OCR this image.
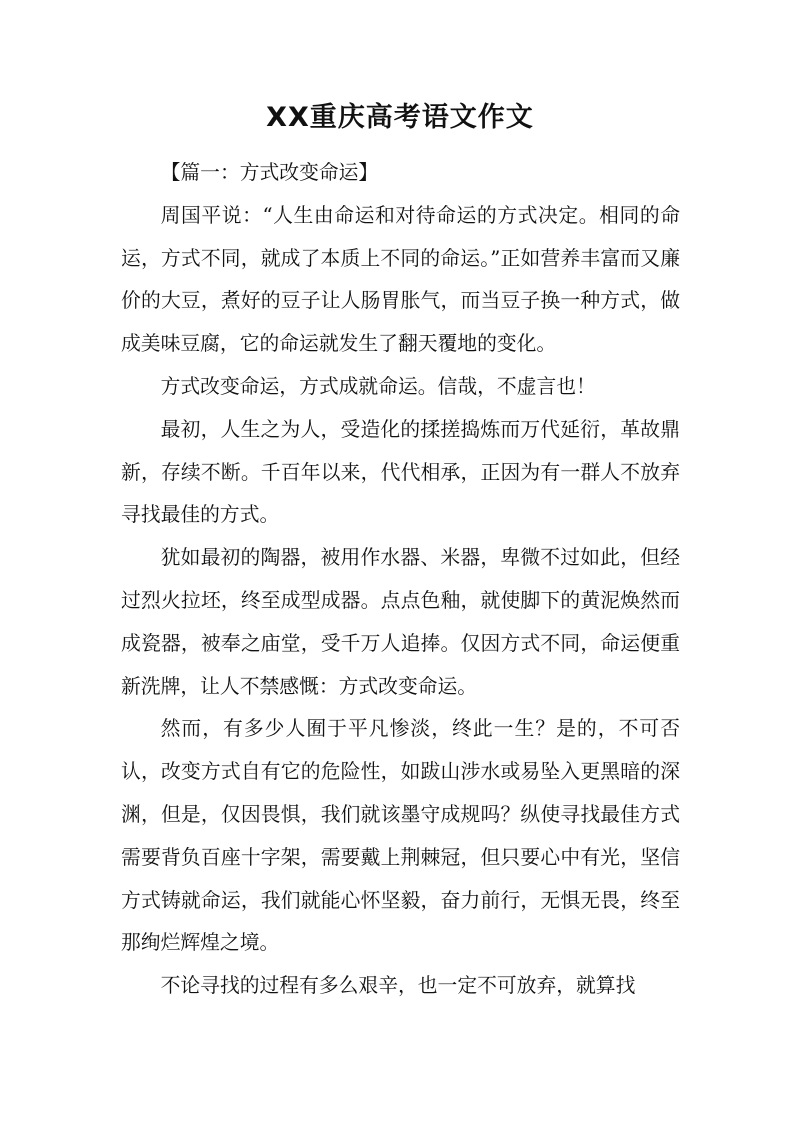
XX重庆高考语文作文

【篇一：方式改变命运】

周国平说：“人生由命运和对待命运的方式决定。相同的命运，方式不同，就成了本质上不同的命运。”正如营养丰富而又廉价的大豆，煮好的豆子让人肠胃胀气，而当豆子换一种方式，做成美味豆腐，它的命运就发生了翻天覆地的变化。

方式改变命运，方式成就命运。信哉，不虚言也！

最初，人生之为人，受造化的揉搓捣炼而万代延衍，革故鼎新，存续不断。千百年以来，代代相承，正因为有一群人不放弃寻找最佳的方式。

犹如最初的陶器，被用作水器、米器，卑微不过如此，但经过烈火拉坯，终至成型成器。点点色釉，就使脚下的黄泥焕然而成瓷器，被奉之庙堂，受千万人追捧。仅因方式不同，命运便重新洗牌，让人不禁感慨：方式改变命运。

然而，有多少人囿于平凡惨淡，终此一生？是的，不可否认，改变方式自有它的危险性，如跋山涉水或易坠入更黑暗的深渊，但是，仅因畏惧，我们就该墨守成规吗？纵使寻找最佳方式需要背负百座十字架，需要戴上荆棘冠，但只要心中有光，坚信方式铸就命运，我们就能心怀坚毅，奋力前行，无惧无畏，终至那绚烂辉煌之境。

不论寻找的过程有多么艰辛，也一定不可放弃，就算找
